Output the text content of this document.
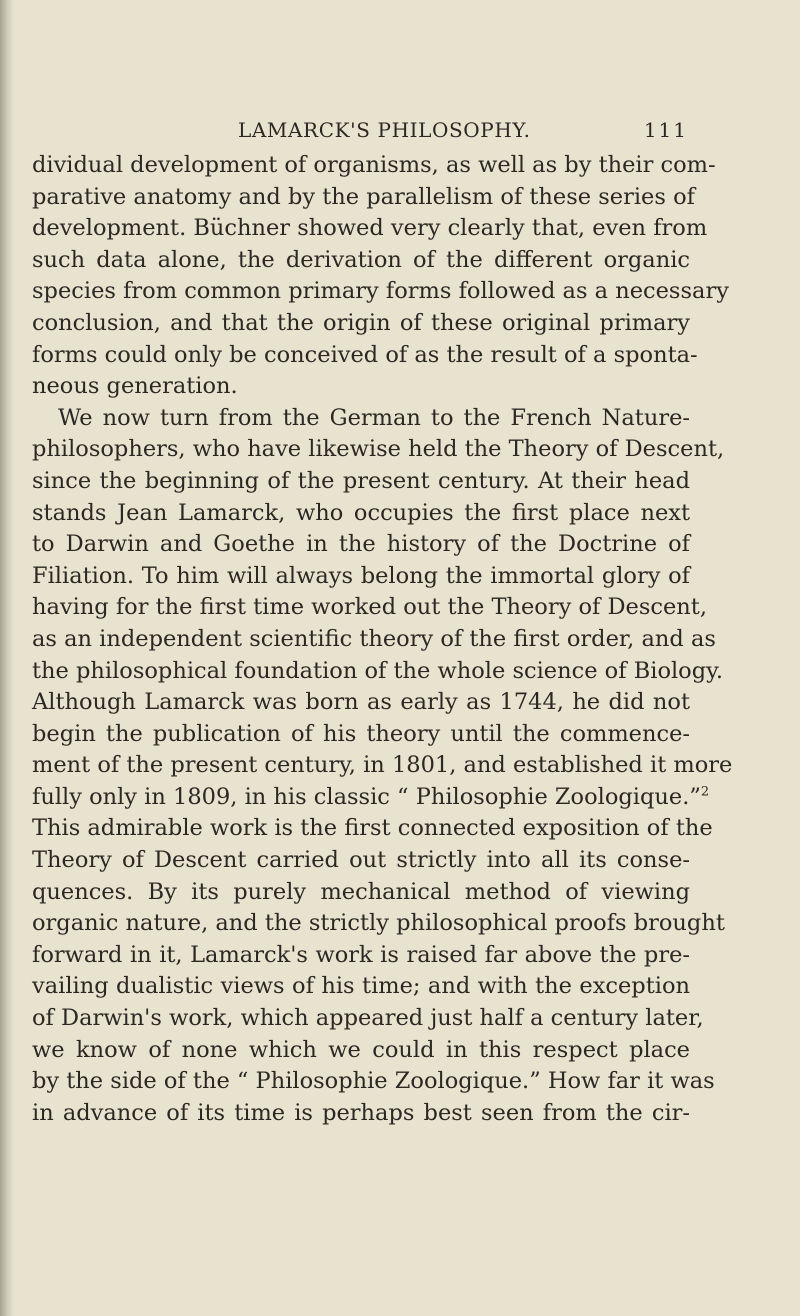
LAMARCK'S PHILOSOPHY.	111
dividual development of organisms, as well as by their com-
parative anatomy and by the parallelism of these series of
development. Büchner showed very clearly that, even from
such data alone, the derivation of the different organic
species from common primary forms followed as a necessary
conclusion, and that the origin of these original primary
forms could only be conceived of as the result of a sponta-
neous generation.
We now turn from the German to the French Nature-
philosophers, who have likewise held the Theory of Descent,
since the beginning of the present century. At their head
stands Jean Lamarck, who occupies the first place next
to Darwin and Goethe in the history of the Doctrine of
Filiation. To him will always belong the immortal glory of
having for the first time worked out the Theory of Descent,
as an independent scientific theory of the first order, and as
the philosophical foundation of the whole science of Biology.
Although Lamarck was born as early as 1744, he did not
begin the publication of his theory until the commence-
ment of the present century, in 1801, and established it more
fully only in 1809, in his classic “ Philosophie Zoologique.”$^2$
This admirable work is the first connected exposition of the
Theory of Descent carried out strictly into all its conse-
quences. By its purely mechanical method of viewing
organic nature, and the strictly philosophical proofs brought
forward in it, Lamarck's work is raised far above the pre-
vailing dualistic views of his time; and with the exception
of Darwin's work, which appeared just half a century later,
we know of none which we could in this respect place
by the side of the “ Philosophie Zoologique.” How far it was
in advance of its time is perhaps best seen from the cir-
